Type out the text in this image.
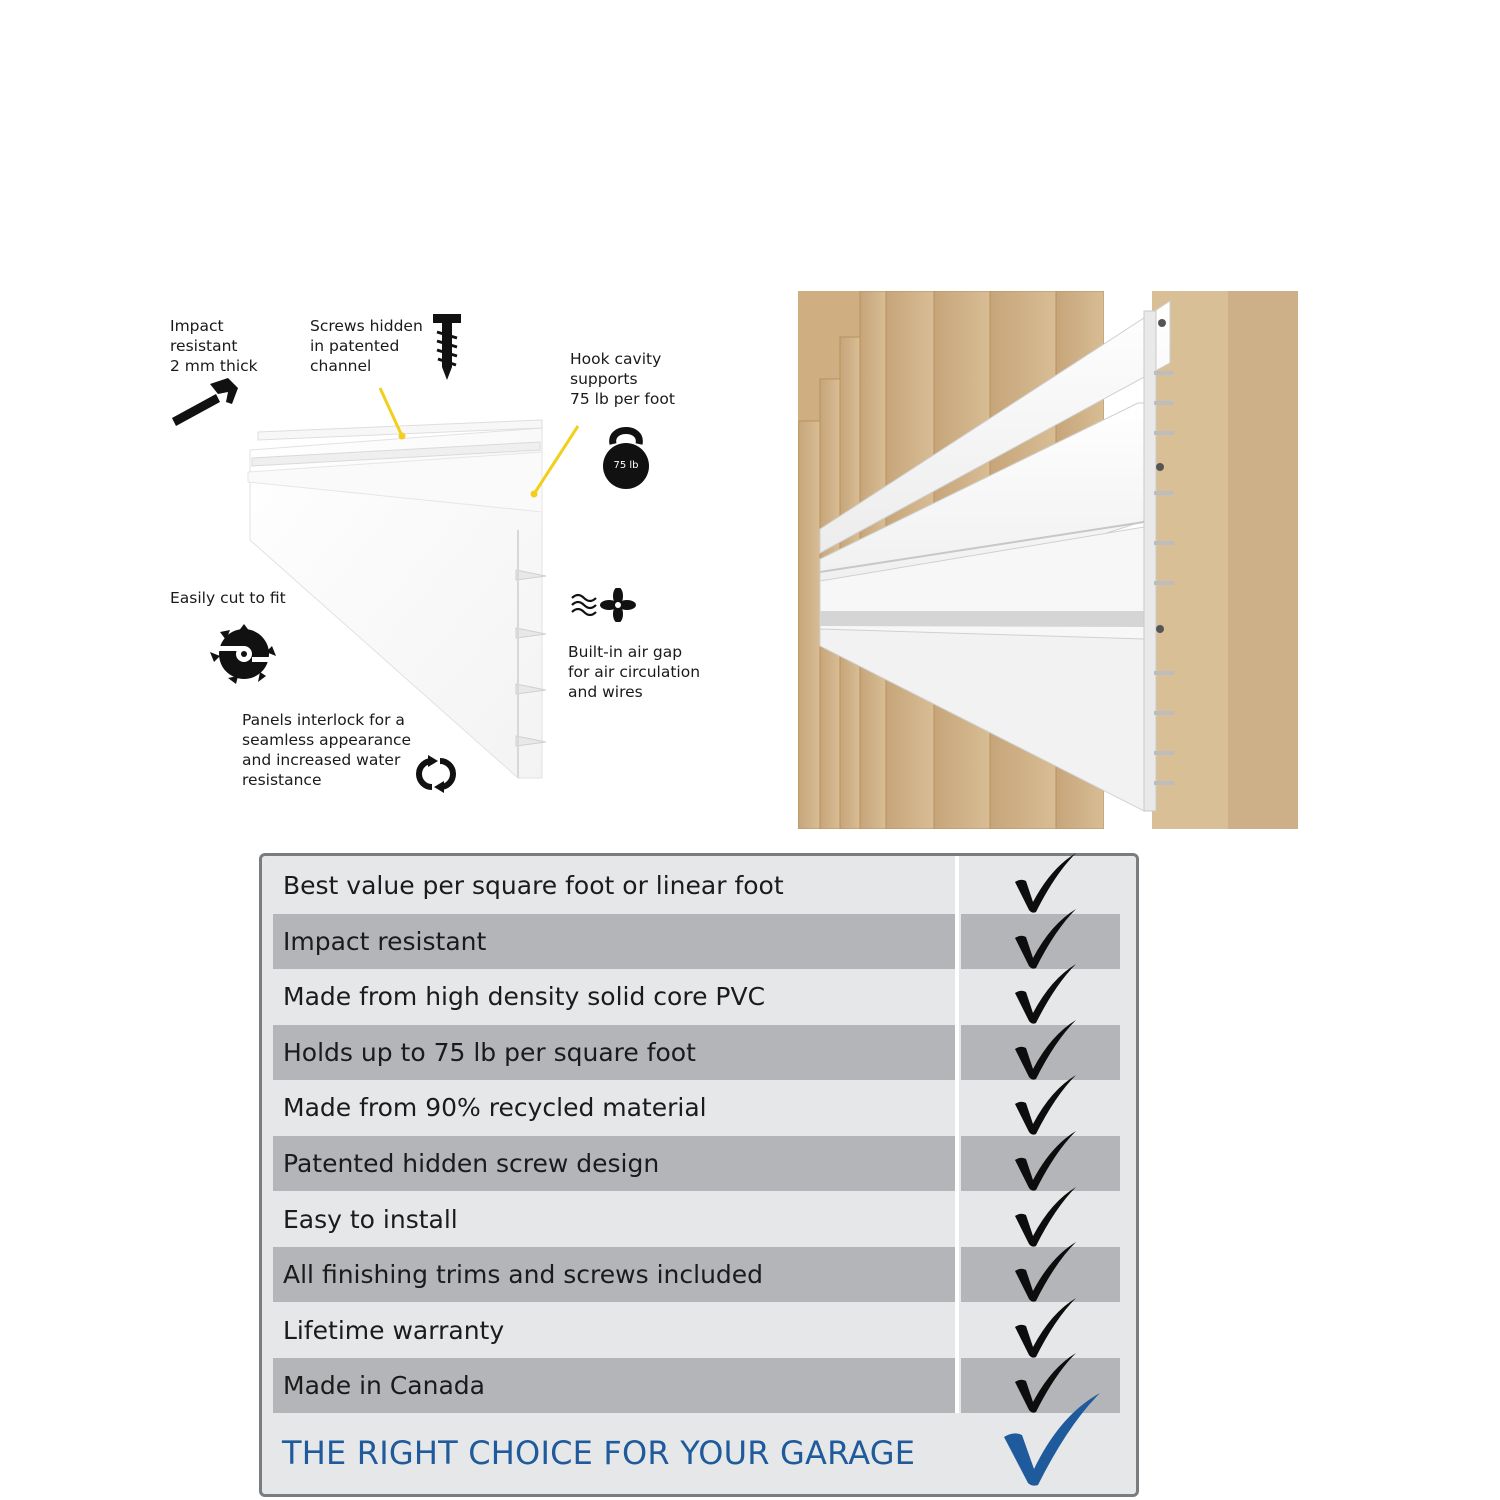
Impact
resistant
2 mm thick
Screws hidden
in patented
channel	Hook cavity
supports
75 lb per foot
Easily cut to fit
Built-in air gap
for air circulation
and wires
Panels interlock for a
seamless appearance
and increased water
resistance
75 lb
Best value per square foot or linear foot
Impact resistant
Made from high density solid core PVC
Holds up to 75 lb per square foot
Made from 90% recycled material
Patented hidden screw design
Easy to install
All finishing trims and screws included
Lifetime warranty
Made in Canada
THE RIGHT CHOICE FOR YOUR GARAGE
